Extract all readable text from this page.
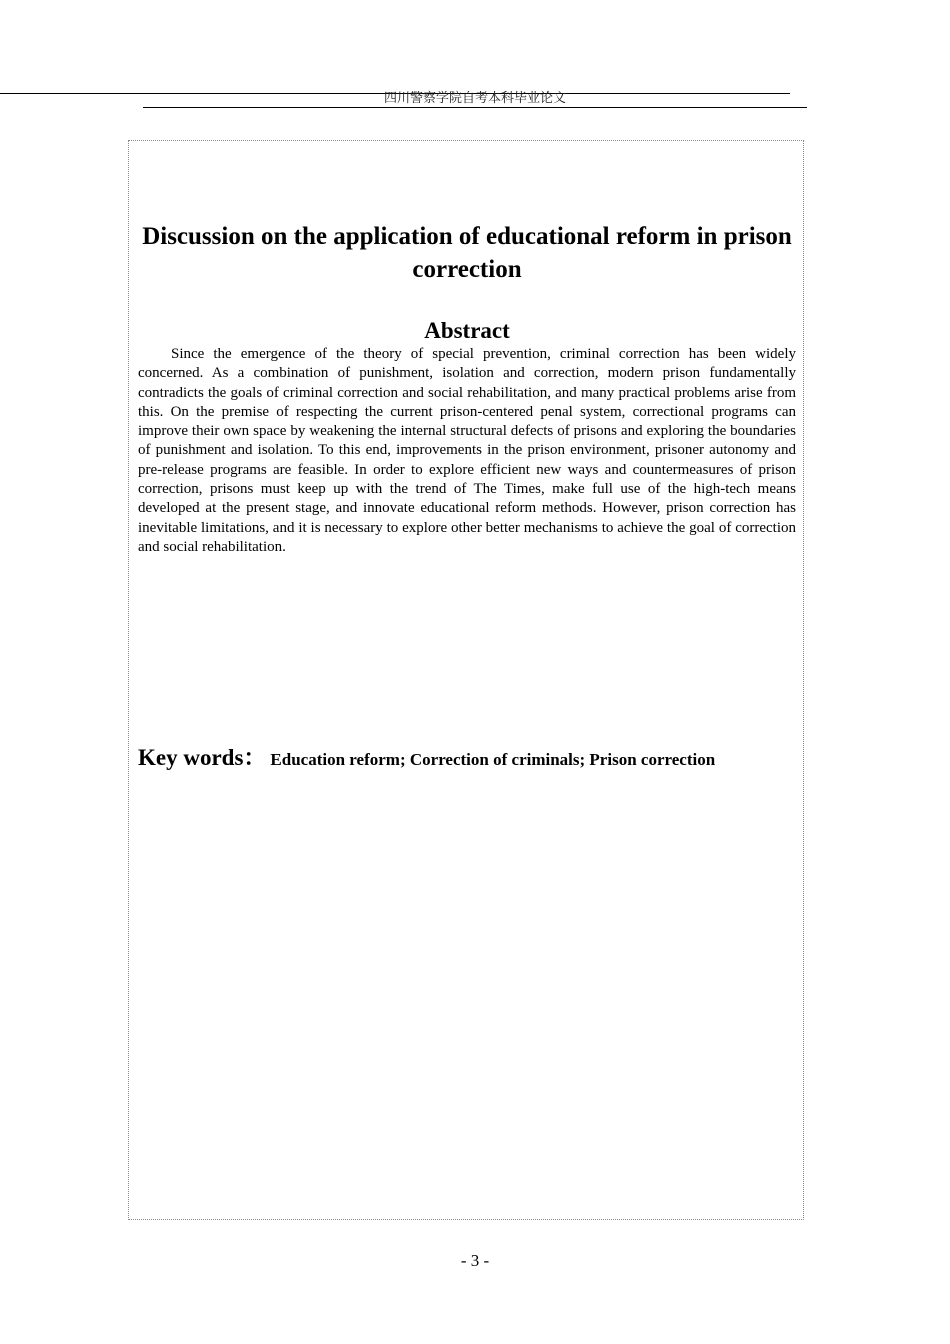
四川警察学院自考本科毕业论文
Discussion on the application of educational reform in prison correction
Abstract

Since the emergence of the theory of special prevention, criminal correction has been widely concerned. As a combination of punishment, isolation and correction, modern prison fundamentally contradicts the goals of criminal correction and social rehabilitation, and many practical problems arise from this. On the premise of respecting the current prison-centered penal system, correctional programs can improve their own space by weakening the internal structural defects of prisons and exploring the boundaries of punishment and isolation. To this end, improvements in the prison environment, prisoner autonomy and pre-release programs are feasible. In order to explore efficient new ways and countermeasures of prison correction, prisons must keep up with the trend of The Times, make full use of the high-tech means developed at the present stage, and innovate educational reform methods. However, prison correction has inevitable limitations, and it is necessary to explore other better mechanisms to achieve the goal of correction and social rehabilitation.

Key words： Education reform; Correction of criminals; Prison correction
- 3 -
